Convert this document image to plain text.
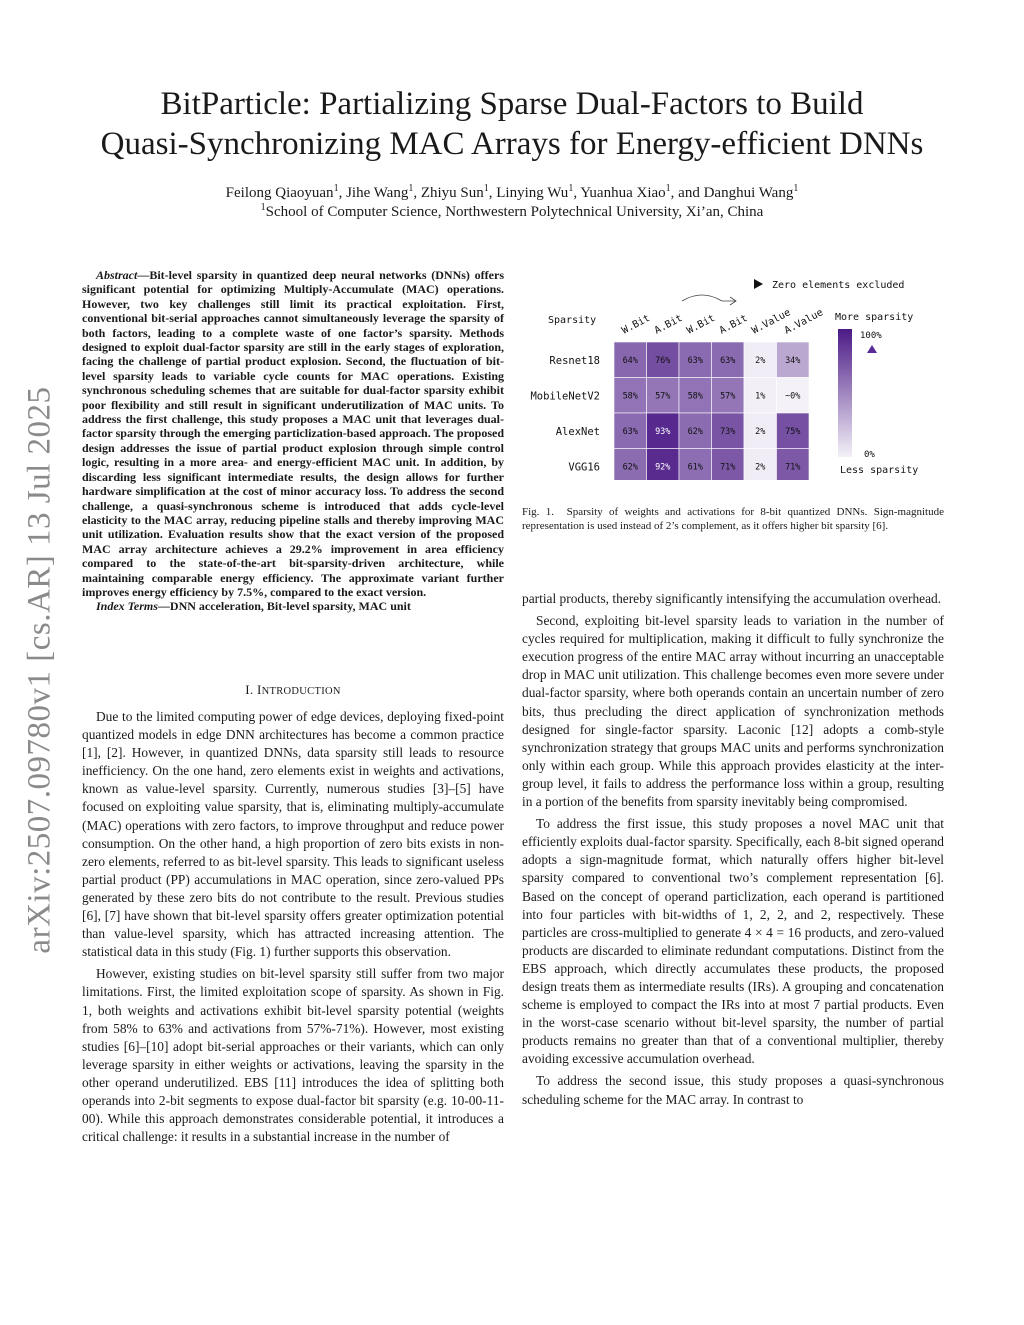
arXiv:2507.09780v1 [cs.AR] 13 Jul 2025
BitParticle: Partializing Sparse Dual-Factors to Build
Quasi-Synchronizing MAC Arrays for Energy-efficient DNNs
Feilong Qiaoyuan$^1$, Jihe Wang$^1$, Zhiyu Sun$^1$, Linying Wu$^1$, Yuanhua Xiao$^1$, and Danghui Wang$^1$
$^1$School of Computer Science, Northwestern Polytechnical University, Xi’an, China

Abstract—Bit-level sparsity in quantized deep neural networks (DNNs) offers significant potential for optimizing Multiply-Accumulate (MAC) operations. However, two key challenges still limit its practical exploitation. First, conventional bit-serial approaches cannot simultaneously leverage the sparsity of both factors, leading to a complete waste of one factor’s sparsity. Methods designed to exploit dual-factor sparsity are still in the early stages of exploration, facing the challenge of partial product explosion. Second, the fluctuation of bit-level sparsity leads to variable cycle counts for MAC operations. Existing synchronous scheduling schemes that are suitable for dual-factor sparsity exhibit poor flexibility and still result in significant underutilization of MAC units. To address the first challenge, this study proposes a MAC unit that leverages dual-factor sparsity through the emerging particlization-based approach. The proposed design addresses the issue of partial product explosion through simple control logic, resulting in a more area- and energy-efficient MAC unit. In addition, by discarding less significant intermediate results, the design allows for further hardware simplification at the cost of minor accuracy loss. To address the second challenge, a quasi-synchronous scheme is introduced that adds cycle-level elasticity to the MAC array, reducing pipeline stalls and thereby improving MAC unit utilization. Evaluation results show that the exact version of the proposed MAC array architecture achieves a 29.2% improvement in area efficiency compared to the state-of-the-art bit-sparsity-driven architecture, while maintaining comparable energy efficiency. The approximate variant further improves energy efficiency by 7.5%, compared to the exact version.

Index Terms—DNN acceleration, Bit-level sparsity, MAC unit

I. INTRODUCTION

Due to the limited computing power of edge devices, deploying fixed-point quantized models in edge DNN architectures has become a common practice [1], [2]. However, in quantized DNNs, data sparsity still leads to resource inefficiency. On the one hand, zero elements exist in weights and activations, known as value-level sparsity. Currently, numerous studies [3]–[5] have focused on exploiting value sparsity, that is, eliminating multiply-accumulate (MAC) operations with zero factors, to improve throughput and reduce power consumption. On the other hand, a high proportion of zero bits exists in non-zero elements, referred to as bit-level sparsity. This leads to significant useless partial product (PP) accumulations in MAC operation, since zero-valued PPs generated by these zero bits do not contribute to the result. Previous studies [6], [7] have shown that bit-level sparsity offers greater optimization potential than value-level sparsity, which has attracted increasing attention. The statistical data in this study (Fig. 1) further supports this observation.

However, existing studies on bit-level sparsity still suffer from two major limitations. First, the limited exploitation scope of sparsity. As shown in Fig. 1, both weights and activations exhibit bit-level sparsity potential (weights from 58% to 63% and activations from 57%-71%). However, most existing studies [6]–[10] adopt bit-serial approaches or their variants, which can only leverage sparsity in either weights or activations, leaving the sparsity in the other operand underutilized. EBS [11] introduces the idea of splitting both operands into 2-bit segments to expose dual-factor bit sparsity (e.g. 10-00-11-00). While this approach demonstrates considerable potential, it introduces a critical challenge: it results in a substantial increase in the number of

Zero elements excluded
Sparsity W.Bit A.Bit W.Bit A.Bit W.Value
A.Value
Resnet18
MobileNetV2
AlexNet
VGG16
64% 76% 63% 63% 2% 34%
58% 57% 58% 57% 1% ~0%
63% 93% 62% 73% 2% 75%
62% 92% 61% 71% 2% 71%
More sparsity
100%
0%
Less sparsity
Fig. 1. Sparsity of weights and activations for 8-bit quantized DNNs. Sign-magnitude representation is used instead of 2’s complement, as it offers higher bit sparsity [6].

partial products, thereby significantly intensifying the accumulation overhead.

Second, exploiting bit-level sparsity leads to variation in the number of cycles required for multiplication, making it difficult to fully synchronize the execution progress of the entire MAC array without incurring an unacceptable drop in MAC unit utilization. This challenge becomes even more severe under dual-factor sparsity, where both operands contain an uncertain number of zero bits, thus precluding the direct application of synchronization methods designed for single-factor sparsity. Laconic [12] adopts a comb-style synchronization strategy that groups MAC units and performs synchronization only within each group. While this approach provides elasticity at the inter-group level, it fails to address the performance loss within a group, resulting in a portion of the benefits from sparsity inevitably being compromised.

To address the first issue, this study proposes a novel MAC unit that efficiently exploits dual-factor sparsity. Specifically, each 8-bit signed operand adopts a sign-magnitude format, which naturally offers higher bit-level sparsity compared to conventional two’s complement representation [6]. Based on the concept of operand particlization, each operand is partitioned into four particles with bit-widths of 1, 2, 2, and 2, respectively. These particles are cross-multiplied to generate 4 × 4 = 16 products, and zero-valued products are discarded to eliminate redundant computations. Distinct from the EBS approach, which directly accumulates these products, the proposed design treats them as intermediate results (IRs). A grouping and concatenation scheme is employed to compact the IRs into at most 7 partial products. Even in the worst-case scenario without bit-level sparsity, the number of partial products remains no greater than that of a conventional multiplier, thereby avoiding excessive accumulation overhead.

To address the second issue, this study proposes a quasi-synchronous scheduling scheme for the MAC array. In contrast to
